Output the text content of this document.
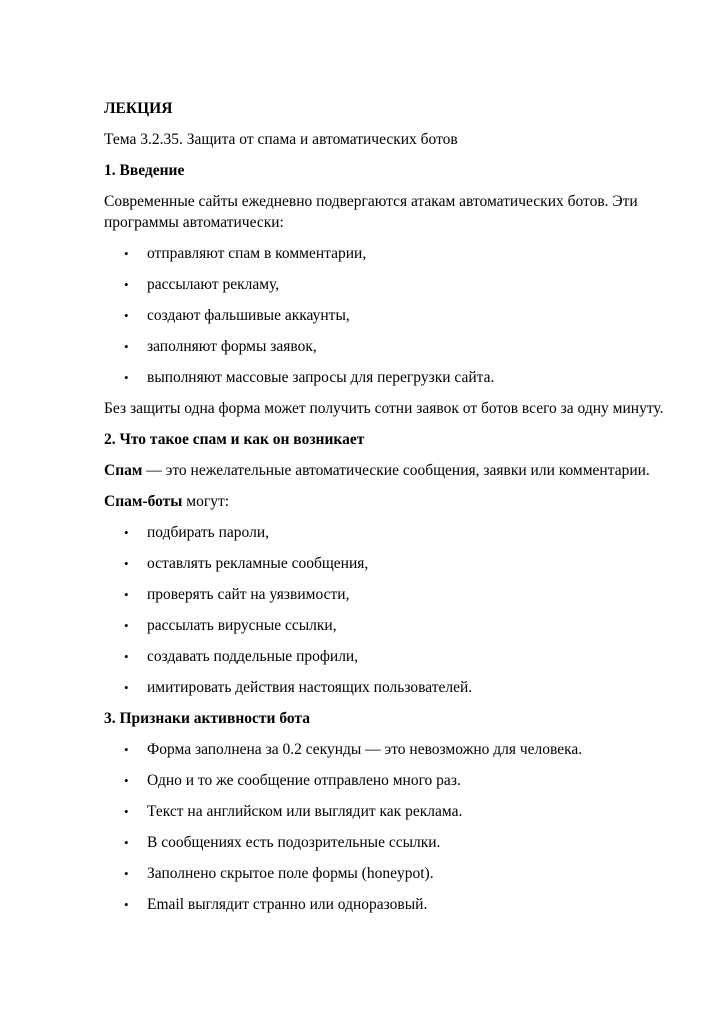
ЛЕКЦИЯ

Тема 3.2.35. Защита от спама и автоматических ботов

1. Введение

Современные сайты ежедневно подвергаются атакам автоматических ботов. Эти программы автоматически:

• отправляют спам в комментарии,
• рассылают рекламу,
• создают фальшивые аккаунты,
• заполняют формы заявок,
• выполняют массовые запросы для перегрузки сайта.

Без защиты одна форма может получить сотни заявок от ботов всего за одну минуту.

2. Что такое спам и как он возникает

Спам — это нежелательные автоматические сообщения, заявки или комментарии.

Спам-боты могут:

• подбирать пароли,
• оставлять рекламные сообщения,
• проверять сайт на уязвимости,
• рассылать вирусные ссылки,
• создавать поддельные профили,
• имитировать действия настоящих пользователей.

3. Признаки активности бота

• Форма заполнена за 0.2 секунды — это невозможно для человека.
• Одно и то же сообщение отправлено много раз.
• Текст на английском или выглядит как реклама.
• В сообщениях есть подозрительные ссылки.
• Заполнено скрытое поле формы (honeypot).
• Email выглядит странно или одноразовый.
